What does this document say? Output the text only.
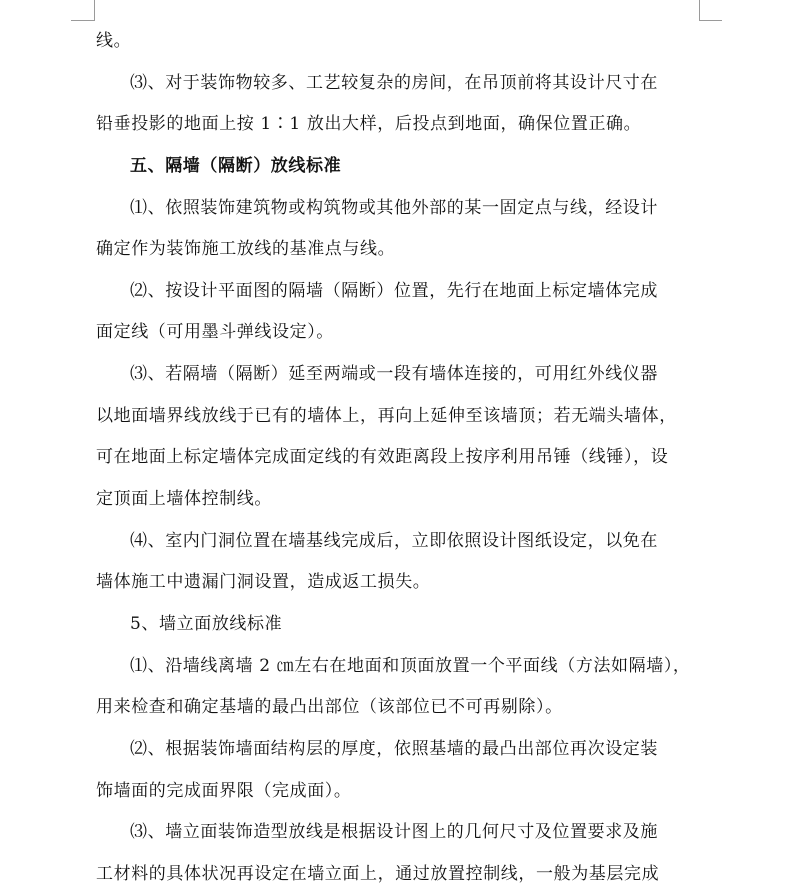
线。
⑶、对于装饰物较多、工艺较复杂的房间，在吊顶前将其设计尺寸在
铅垂投影的地面上按 1∶1 放出大样，后投点到地面，确保位置正确。
五、隔墙（隔断）放线标准
⑴、依照装饰建筑物或构筑物或其他外部的某一固定点与线，经设计
确定作为装饰施工放线的基准点与线。
⑵、按设计平面图的隔墙（隔断）位置，先行在地面上标定墙体完成
面定线（可用墨斗弹线设定）。
⑶、若隔墙（隔断）延至两端或一段有墙体连接的，可用红外线仪器
以地面墙界线放线于已有的墙体上，再向上延伸至该墙顶；若无端头墙体，
可在地面上标定墙体完成面定线的有效距离段上按序利用吊锤（线锤），设
定顶面上墙体控制线。
⑷、室内门洞位置在墙基线完成后，立即依照设计图纸设定，以免在
墙体施工中遗漏门洞设置，造成返工损失。
5、墙立面放线标准
⑴、沿墙线离墙 2 ㎝左右在地面和顶面放置一个平面线（方法如隔墙），
用来检查和确定基墙的最凸出部位（该部位已不可再剔除）。
⑵、根据装饰墙面结构层的厚度，依照基墙的最凸出部位再次设定装
饰墙面的完成面界限（完成面）。
⑶、墙立面装饰造型放线是根据设计图上的几何尺寸及位置要求及施
工材料的具体状况再设定在墙立面上，通过放置控制线，一般为基层完成
